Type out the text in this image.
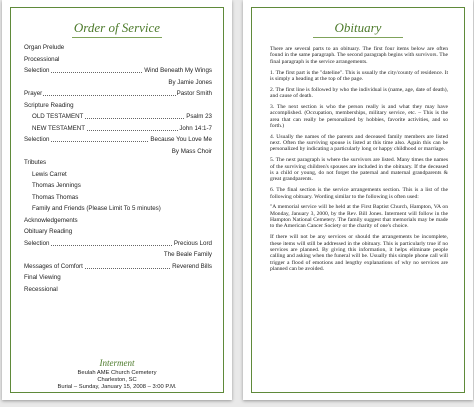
Order of Service
Interment
Beulah AME Church Cemetery
Charleston, SC
Burial – Sunday, January 15, 2008 – 3:00 P.M.
Organ Prelude
Processional
Selection	Wind Beneath My Wings
By Jamie Jones
Prayer	Pastor Smith
Scripture Reading
OLD TESTAMENT	Psalm 23
NEW TESTAMENT	John 14:1-7
Selection	Because You Love Me
By Mass Choir
Tributes
Lewis Carret
Thomas Jennings
Thomas Thomas
Family and Friends (Please Limit To 5 minutes)
Acknowledgements
Obituary Reading
Selection	Precious Lord
The Beale Family
Messages of Comfort	Reverend Bills
Final Viewing
Recessional
Obituary

There are several parts to an obituary. The first four items below are often found in the same paragraph. The second paragraph begins with survivors. The final paragraph is the service arrangements.

1. The first part is the "dateline". This is usually the city/county of residence. It is simply a heading at the top of the page.

2. The first line is followed by who the individual is (name, age, date of death), and cause of death.

3. The next section is who the person really is and what they may have accomplished. (Occupation, memberships, military service, etc. – This is the area that can really be personalized by hobbies, favorite activities, and so forth.)

4. Usually the names of the parents and deceased family members are listed next. Often the surviving spouse is listed at this time also. Again this can be personalized by indicating a particularly long or happy childhood or marriage.

5. The next paragraph is where the survivors are listed. Many times the names of the surviving children's spouses are included in the obituary. If the deceased is a child or young, do not forget the paternal and maternal grandparents & great grandparents.

6. The final section is the service arrangements section. This is a list of the following obituary. Wording similar to the following is often used:

"A memorial service will be held at the First Baptist Church, Hampton, VA on Monday, January 3, 2000, by the Rev. Bill Jones. Interment will follow in the Hampton National Cemetery. The family suggest that memorials may be made to the American Cancer Society or the charity of one's choice.

If there will not be any services or should the arrangements be incomplete, these items will still be addressed in the obituary. This is particularly true if no services are planned. By giving this information, it helps eliminate people calling and asking when the funeral will be. Usually this simple phone call will trigger a flood of emotions and lengthy explanations of why no services are planned can be avoided.
